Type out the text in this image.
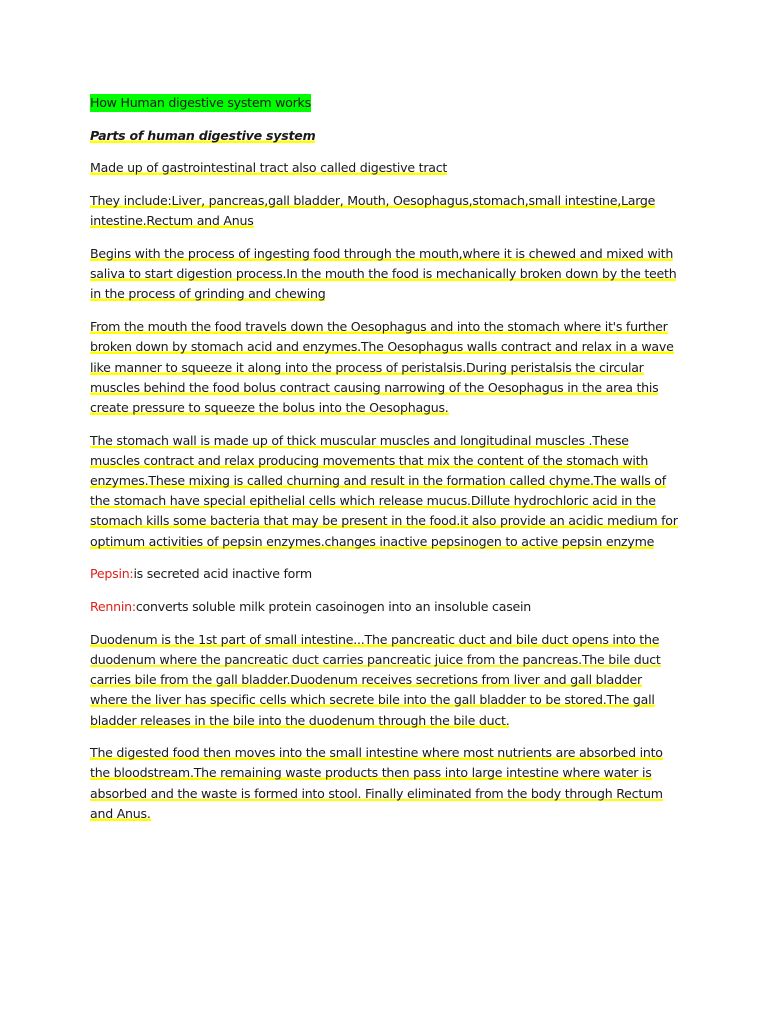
How Human digestive system works

Parts of human digestive system

Made up of gastrointestinal tract also called digestive tract

They include:Liver, pancreas,gall bladder, Mouth, Oesophagus,stomach,small intestine,Large intestine.Rectum and Anus

Begins with the process of ingesting food through the mouth,where it is chewed and mixed with saliva to start digestion process.In the mouth the food is mechanically broken down by the teeth in the process of grinding and chewing

From the mouth the food travels down the Oesophagus and into the stomach where it's further broken down by stomach acid and enzymes.The Oesophagus walls contract and relax in a wave like manner to squeeze it along into the process of peristalsis.During peristalsis the circular muscles behind the food bolus contract causing narrowing of the Oesophagus in the area this create pressure to squeeze the bolus into the Oesophagus.

The stomach wall is made up of thick muscular muscles and longitudinal muscles .These muscles contract and relax producing movements that mix the content of the stomach with enzymes.These mixing is called churning and result in the formation called chyme.The walls of the stomach have special epithelial cells which release mucus.Dillute hydrochloric acid in the stomach kills some bacteria that may be present in the food.it also provide an acidic medium for optimum activities of pepsin enzymes.changes inactive pepsinogen to active pepsin enzyme

Pepsin:is secreted acid inactive form

Rennin:converts soluble milk protein casoinogen into an insoluble casein

Duodenum is the 1st part of small intestine...The pancreatic duct and bile duct opens into the duodenum where the pancreatic duct carries pancreatic juice from the pancreas.The bile duct carries bile from the gall bladder.Duodenum receives secretions from liver and gall bladder where the liver has specific cells which secrete bile into the gall bladder to be stored.The gall bladder releases in the bile into the duodenum through the bile duct.

The digested food then moves into the small intestine where most nutrients are absorbed into the bloodstream.The remaining waste products then pass into large intestine where water is absorbed and the waste is formed into stool. Finally eliminated from the body through Rectum and Anus.
